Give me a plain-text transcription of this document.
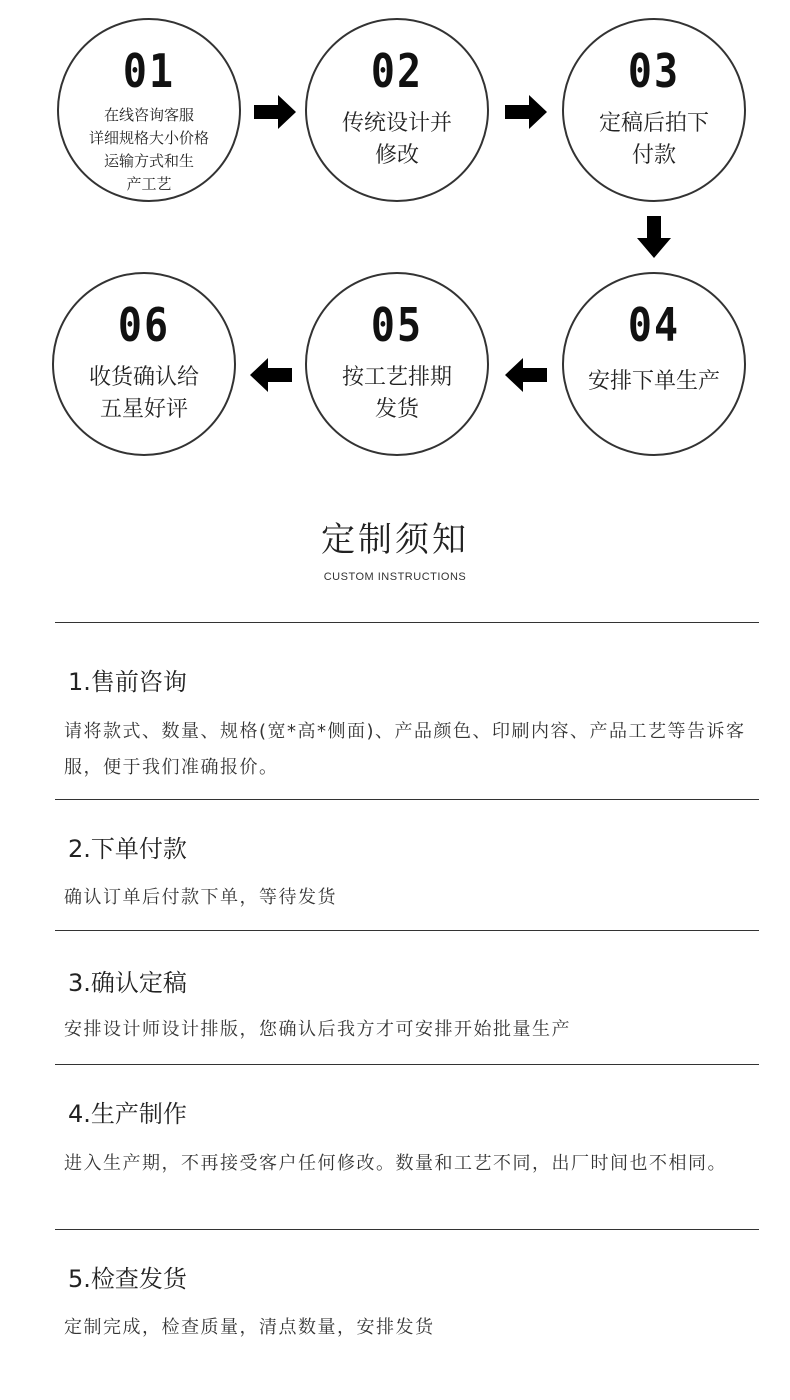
01
在线咨询客服
详细规格大小价格
运输方式和生
产工艺
02
传统设计并
修改
03
定稿后拍下
付款
06
收货确认给
五星好评
05
按工艺排期
发货
04
安排下单生产
定制须知
CUSTOM INSTRUCTIONS
1.售前咨询
请将款式、数量、规格(宽*高*侧面)、产品颜色、印刷内容、产品工艺等告诉客服，便于我们准确报价。
2.下单付款
确认订单后付款下单，等待发货
3.确认定稿
安排设计师设计排版，您确认后我方才可安排开始批量生产
4.生产制作
进入生产期，不再接受客户任何修改。数量和工艺不同，出厂时间也不相同。
5.检查发货
定制完成，检查质量，清点数量，安排发货
